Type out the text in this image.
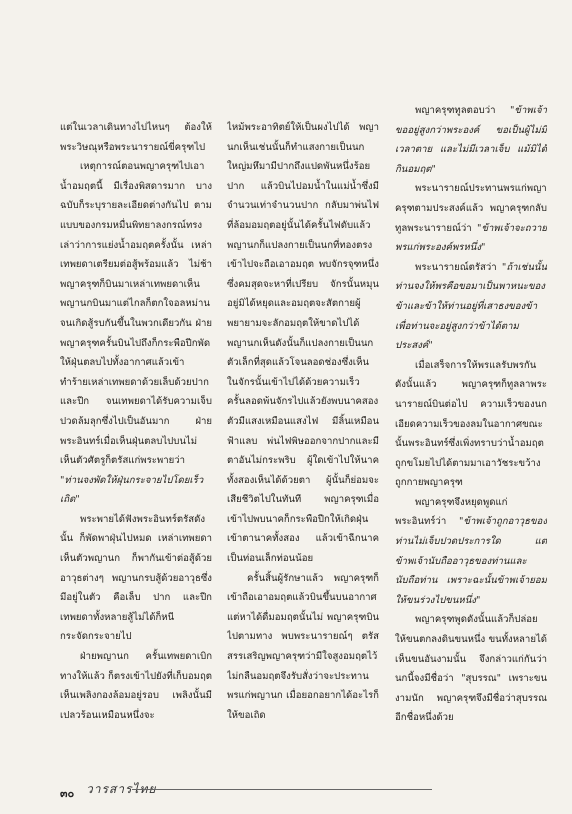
แต่ในเวลาเดินทางไปไหนๆ ต้องให้พระวิษณุหรือพระนารายณ์ขี่ครุฑไป

เหตุการณ์ตอนพญาครุฑไปเอาน้ำอมฤตนี้ มีเรื่องพิสดารมาก บางฉบับก็ระบุรายละเอียดต่างกันไป ตามแบบของกรมหมื่นพิทยาลงกรณ์ทรงเล่าว่าการแย่งน้ำอมฤตครั้งนั้น เหล่าเทพยดาเตรียมต่อสู้พร้อมแล้ว ไม่ช้าพญาครุฑก็บินมาเหล่าเทพยดาเห็นพญานกบินมาแต่ไกลก็ตกใจอลหม่าน จนเกิดสู้รบกันขึ้นในพวกเดียวกัน ฝ่ายพญาครุฑครั้นบินไปถึงก็กระพือปีกพัดให้ฝุ่นตลบไปทั้งอากาศแล้วเข้าทำร้ายเหล่าเทพยดาด้วยเล็บด้วยปากและปีก จนเทพยดาได้รับความเจ็บปวดล้มลุกซึ่งไปเป็นอันมาก ฝ่ายพระอินทร์เมื่อเห็นฝุ่นตลบไปบนไม่เห็นตัวศัตรูก็ตรัสแก่พระพายว่า

"ท่านจงพัดให้ฝุ่นกระจายไปโดยเร็วเถิด"

พระพายได้ฟังพระอินทร์ตรัสดังนั้น ก็พัดพาฝุ่นไปหมด เหล่าเทพยดาเห็นตัวพญานก ก็พากันเข้าต่อสู้ด้วยอาวุธต่างๆ พญานกรบสู้ด้วยอาวุธซึ่งมีอยู่ในตัว คือเล็บ ปาก และปีก เทพยดาทั้งหลายสู้ไม่ได้ก็หนีกระจัดกระจายไป

ฝ่ายพญานก ครั้นเทพยดาเบิกทางให้แล้ว ก็ตรงเข้าไปยังที่เก็บอมฤต เห็นเพลิงกองล้อมอยู่รอบ เพลิงนั้นมีเปลวร้อนเหมือนหนึ่งจะ

ไหม้พระอาทิตย์ให้เป็นผงไปได้ พญานกเห็นเช่นนั้นก็ทำแสงกายเป็นนกใหญ่มหึมามีปากถึงแปดพันหนึ่งร้อยปาก แล้วบินไปอมน้ำในแม่น้ำซึ่งมีจำนวนเท่าจำนวนปาก กลับมาพ่นไฟที่ล้อมอมฤตอยู่นั้นได้ครั้นไฟดับแล้วพญานกก็แปลงกายเป็นนกที่ทองตรงเข้าไปจะถือเอาอมฤต พบจักรจุฑหนึ่งซึ่งคมสุดจะหาที่เปรียบ จักรนั้นหมุนอยู่มิได้หยุดและอมฤตจะสัตกายผู้พยายามจะลักอมฤตให้ขาดไปได้ พญานกเห็นดังนั้นก็แปลงกายเป็นนกตัวเล็กที่สุดแล้วโจนลอดช่องซึ่งเห็นในจักรนั้นเข้าไปได้ด้วยความเร็ว ครั้นลอดพ้นจักรไปแล้วยังพบนาคสองตัวมีแสงเหมือนแสงไฟ มีลิ้นเหมือนฟ้าแลบ พ่นไฟพิษออกจากปากและมีตาอันไม่กระพริบ ผู้ใดเข้าไปให้นาคทั้งสองเห็นได้ด้วยตา ผู้นั้นก็ย่อมจะเสียชีวิตไปในทันที พญาครุฑเมื่อเข้าไปพบนาคก็กระพือปีกให้เกิดฝุ่นเข้าตานาคทั้งสอง แล้วเข้าฉีกนาคเป็นท่อนเล็กท่อนน้อย

ครั้นสิ้นผู้รักษาแล้ว พญาครุฑก็เข้าถือเอาอมฤตแล้วบินขึ้นบนอากาศ แต่หาได้ดื่มอมฤตนั้นไม่ พญาครุฑบินไปตามทาง พบพระนารายณ์ๆ ตรัสสรรเสริญพญาครุฑว่ามีใจสูงอมฤตไว้ไม่กลืนอมฤตจึงรับสั่งว่าจะประทานพรแก่พญานก เมื่อยอกอยากได้อะไรก็ให้ขอเถิด

พญาครุฑทูลตอบว่า "ข้าพเจ้าขออยู่สูงกว่าพระองค์ ขอเป็นผู้ไม่มีเวลาตาย และไม่มีเวลาเจ็บ แม้มิได้กินอมฤต"

พระนารายณ์ประทานพรแก่พญาครุฑตามประสงค์แล้ว พญาครุฑกลับทูลพระนารายณ์ว่า "ข้าพเจ้าจะถวายพรแก่พระองค์พรหนึ่ง"

พระนารายณ์ตรัสว่า "ถ้าเช่นนั้น ท่านจงให้พรคือขอมาเป็นพาหนะของข้าและข้าให้ท่านอยู่ที่เสาธงของข้า เพื่อท่านจะอยู่สูงกว่าข้าได้ตามประสงค์"

เมื่อเสร็จการให้พรแลรับพรกันดังนั้นแล้ว พญาครุฑก็ทูลลาพระนารายณ์บินต่อไป ความเร็วของนกเอียดความเร็วของลมในอากาศขณะนั้นพระอินทร์ซึ่งเพิ่งทราบว่าน้ำอมฤตถูกขโมยไปได้ตามมาเอาวัชระขว้างถูกกายพญาครุฑ

พญาครุฑจึงหยุดพูดแก่พระอินทร์ว่า "ข้าพเจ้าถูกอาวุธของท่านไม่เจ็บปวดประการใด แต่ข้าพเจ้านับถืออาวุธของท่านและนับถือท่าน เพราะฉะนั้นข้าพเจ้ายอมให้ขนร่วงไปขนหนึ่ง"

พญาครุฑพูดดังนั้นแล้วก็ปล่อยให้ขนตกลงดินขนหนึ่ง ขนทั้งหลายได้เห็นขนอันงามนั้น จึงกล่าวแก่กันว่า นกนี้จงมีชื่อว่า "สุบรรณ" เพราะขนงามนัก พญาครุฑจึงมีชื่อว่าสุบรรณ อีกชื่อหนึ่งด้วย

๓๐ วารสารไทย
